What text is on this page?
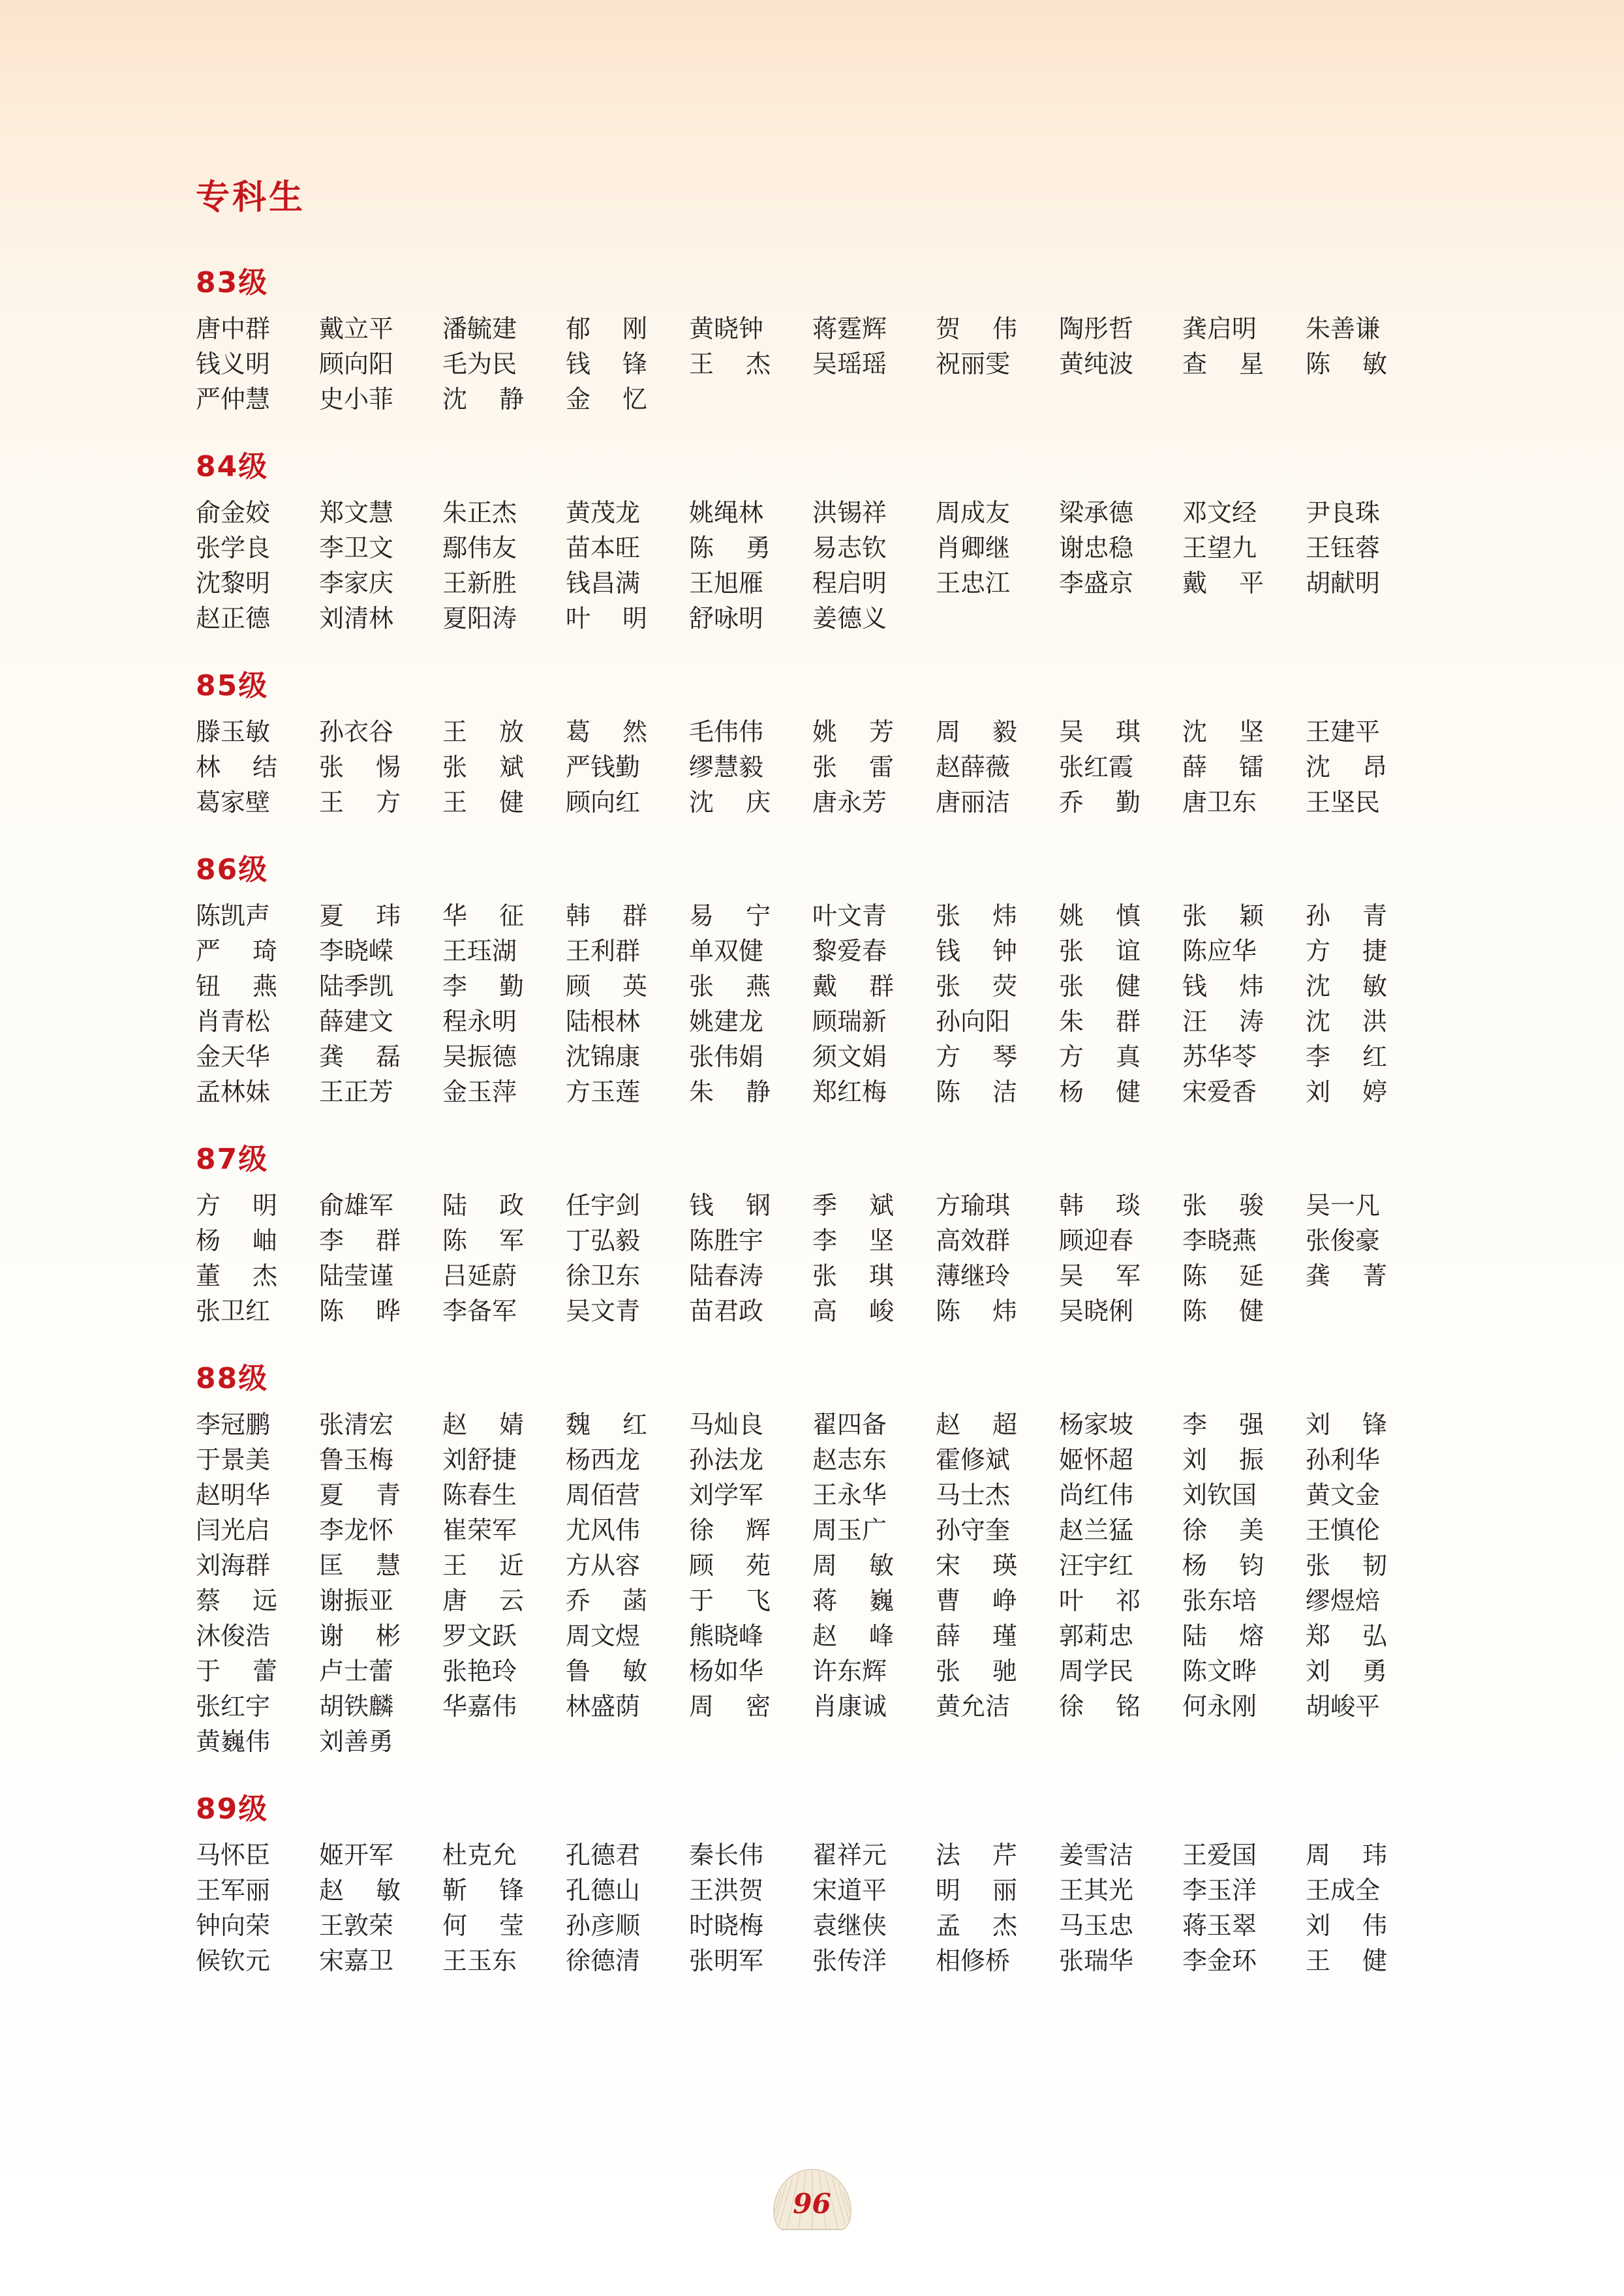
专科生
83级
唐中群	戴立平	潘毓建	郁 刚	黄晓钟	蒋霆辉	贺 伟	陶彤哲	龚启明	朱善谦
钱义明	顾向阳	毛为民	钱 锋	王 杰	吴瑶瑶	祝丽雯	黄纯波	查 星	陈 敏
严仲慧	史小菲	沈 静	金 忆
84级
俞金姣	郑文慧	朱正杰	黄茂龙	姚绳林	洪锡祥	周成友	梁承德	邓文经	尹良珠
张学良	李卫文	鄢伟友	苗本旺	陈 勇	易志钦	肖卿继	谢忠稳	王望九	王钰蓉
沈黎明	李家庆	王新胜	钱昌满	王旭雁	程启明	王忠江	李盛京	戴 平	胡献明
赵正德	刘清林	夏阳涛	叶 明	舒咏明	姜德义
85级
滕玉敏	孙衣谷	王 放	葛 然	毛伟伟	姚 芳	周 毅	吴 琪	沈 坚	王建平
林 结	张 惕	张 斌	严钱勤	缪慧毅	张 雷	赵薛薇	张红霞	薛 镭	沈 昂
葛家壁	王 方	王 健	顾向红	沈 庆	唐永芳	唐丽洁	乔 勤	唐卫东	王坚民
86级
陈凯声	夏 玮	华 征	韩 群	易 宁	叶文青	张 炜	姚 慎	张 颖	孙 青
严 琦	李晓嵘	王珏湖	王利群	单双健	黎爱春	钱 钟	张 谊	陈应华	方 捷
钮 燕	陆季凯	李 勤	顾 英	张 燕	戴 群	张 荧	张 健	钱 炜	沈 敏
肖青松	薛建文	程永明	陆根林	姚建龙	顾瑞新	孙向阳	朱 群	汪 涛	沈 洪
金天华	龚 磊	吴振德	沈锦康	张伟娟	须文娟	方 琴	方 真	苏华苓	李 红
孟林妹	王正芳	金玉萍	方玉莲	朱 静	郑红梅	陈 洁	杨 健	宋爱香	刘 婷
87级
方 明	俞雄军	陆 政	任宇剑	钱 钢	季 斌	方瑜琪	韩 琰	张 骏	吴一凡
杨 岫	李 群	陈 军	丁弘毅	陈胜宇	李 坚	高效群	顾迎春	李晓燕	张俊豪
董 杰	陆莹谨	吕延蔚	徐卫东	陆春涛	张 琪	薄继玲	吴 军	陈 延	龚 菁
张卫红	陈 晔	李备军	吴文青	苗君政	高 峻	陈 炜	吴晓俐	陈 健
88级
李冠鹏	张清宏	赵 婧	魏 红	马灿良	翟四备	赵 超	杨家坡	李 强	刘 锋
于景美	鲁玉梅	刘舒捷	杨西龙	孙法龙	赵志东	霍修斌	姬怀超	刘 振	孙利华
赵明华	夏 青	陈春生	周佰营	刘学军	王永华	马士杰	尚红伟	刘钦国	黄文金
闫光启	李龙怀	崔荣军	尤风伟	徐 辉	周玉广	孙守奎	赵兰猛	徐 美	王慎伦
刘海群	匡 慧	王 近	方从容	顾 苑	周 敏	宋 瑛	汪宇红	杨 钧	张 韧
蔡 远	谢振亚	唐 云	乔 菡	于 飞	蒋 巍	曹 峥	叶 祁	张东培	缪煜焙
沐俊浩	谢 彬	罗文跃	周文煜	熊晓峰	赵 峰	薛 瑾	郭莉忠	陆 熔	郑 弘
于 蕾	卢士蕾	张艳玲	鲁 敏	杨如华	许东辉	张 驰	周学民	陈文晔	刘 勇
张红宇	胡铁麟	华嘉伟	林盛荫	周 密	肖康诚	黄允洁	徐 铭	何永刚	胡峻平
黄巍伟	刘善勇
89级
马怀臣	姬开军	杜克允	孔德君	秦长伟	翟祥元	法 芹	姜雪洁	王爱国	周 玮
王军丽	赵 敏	靳 锋	孔德山	王洪贺	宋道平	明 丽	王其光	李玉洋	王成全
钟向荣	王敦荣	何 莹	孙彦顺	时晓梅	袁继侠	孟 杰	马玉忠	蒋玉翠	刘 伟
候钦元	宋嘉卫	王玉东	徐德清	张明军	张传洋	相修桥	张瑞华	李金环	王 健
96
